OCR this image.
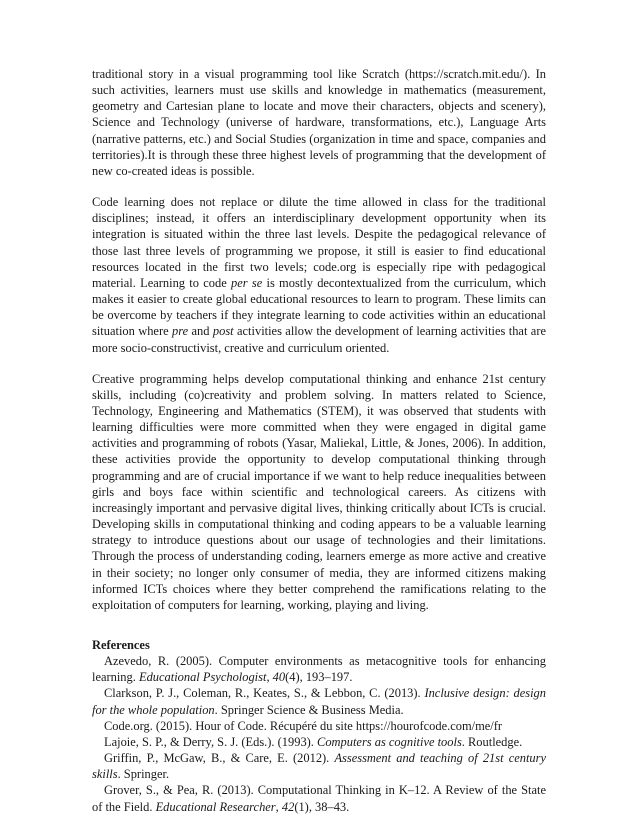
traditional story in a visual programming tool like Scratch (https://scratch.mit.edu/). In such activities, learners must use skills and knowledge in mathematics (measurement, geometry and Cartesian plane to locate and move their characters, objects and scenery), Science and Technology (universe of hardware, transformations, etc.), Language Arts (narrative patterns, etc.) and Social Studies (organization in time and space, companies and territories).It is through these three highest levels of programming that the development of new co-created ideas is possible.

Code learning does not replace or dilute the time allowed in class for the traditional disciplines; instead, it offers an interdisciplinary development opportunity when its integration is situated within the three last levels. Despite the pedagogical relevance of those last three levels of programming we propose, it still is easier to find educational resources located in the first two levels; code.org is especially ripe with pedagogical material. Learning to code per se is mostly decontextualized from the curriculum, which makes it easier to create global educational resources to learn to program. These limits can be overcome by teachers if they integrate learning to code activities within an educational situation where pre and post activities allow the development of learning activities that are more socio-constructivist, creative and curriculum oriented.

Creative programming helps develop computational thinking and enhance 21st century skills, including (co)creativity and problem solving. In matters related to Science, Technology, Engineering and Mathematics (STEM), it was observed that students with learning difficulties were more committed when they were engaged in digital game activities and programming of robots (Yasar, Maliekal, Little, & Jones, 2006). In addition, these activities provide the opportunity to develop computational thinking through programming and are of crucial importance if we want to help reduce inequalities between girls and boys face within scientific and technological careers. As citizens with increasingly important and pervasive digital lives, thinking critically about ICTs is crucial. Developing skills in computational thinking and coding appears to be a valuable learning strategy to introduce questions about our usage of technologies and their limitations. Through the process of understanding coding, learners emerge as more active and creative in their society; no longer only consumer of media, they are informed citizens making informed ICTs choices where they better comprehend the ramifications relating to the exploitation of computers for learning, working, playing and living.

References

Azevedo, R. (2005). Computer environments as metacognitive tools for enhancing learning. Educational Psychologist, 40(4), 193–197.

Clarkson, P. J., Coleman, R., Keates, S., & Lebbon, C. (2013). Inclusive design: design for the whole population. Springer Science & Business Media.

Code.org. (2015). Hour of Code. Récupéré du site https://hourofcode.com/me/fr

Lajoie, S. P., & Derry, S. J. (Eds.). (1993). Computers as cognitive tools. Routledge.

Griffin, P., McGaw, B., & Care, E. (2012). Assessment and teaching of 21st century skills. Springer.

Grover, S., & Pea, R. (2013). Computational Thinking in K–12. A Review of the State of the Field. Educational Researcher, 42(1), 38–43.
